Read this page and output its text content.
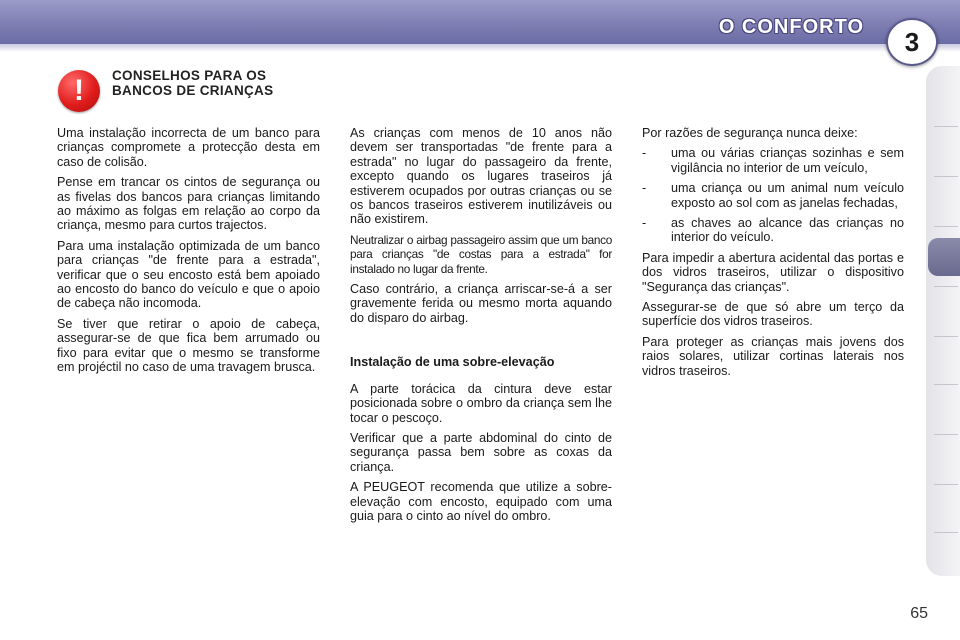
O CONFORTO	3
!	CONSELHOS PARA OS
BANCOS DE CRIANÇAS

Uma instalação incorrecta de um banco para crianças compromete a protecção desta em caso de colisão.

Pense em trancar os cintos de segurança ou as fivelas dos bancos para crianças limitando ao máximo as folgas em relação ao corpo da criança, mesmo para curtos trajectos.

Para uma instalação optimizada de um banco para crianças "de frente para a estrada", verificar que o seu encosto está bem apoiado ao encosto do banco do veículo e que o apoio de cabeça não incomoda.

Se tiver que retirar o apoio de cabeça, assegurar-se de que fica bem arrumado ou fixo para evitar que o mesmo se transforme em projéctil no caso de uma travagem brusca.

As crianças com menos de 10 anos não devem ser transportadas "de frente para a estrada" no lugar do passageiro da frente, excepto quando os lugares traseiros já estiverem ocupados por outras crianças ou se os bancos traseiros estiverem inutilizáveis ou não existirem.

Neutralizar o airbag passageiro assim que um banco para crianças "de costas para a estrada" for instalado no lugar da frente.

Caso contrário, a criança arriscar-se-á a ser gravemente ferida ou mesmo morta aquando do disparo do airbag.

Instalação de uma sobre-elevação

A parte torácica da cintura deve estar posicionada sobre o ombro da criança sem lhe tocar o pescoço.

Verificar que a parte abdominal do cinto de segurança passa bem sobre as coxas da criança.

A PEUGEOT recomenda que utilize a sobre-elevação com encosto, equipado com uma guia para o cinto ao nível do ombro.

Por razões de segurança nunca deixe:

-	uma ou várias crianças sozinhas e sem vigilância no interior de um veículo,
-	uma criança ou um animal num veículo exposto ao sol com as janelas fechadas,
-	as chaves ao alcance das crianças no interior do veículo.

Para impedir a abertura acidental das portas e dos vidros traseiros, utilizar o dispositivo "Segurança das crianças".

Assegurar-se de que só abre um terço da superfície dos vidros traseiros.

Para proteger as crianças mais jovens dos raios solares, utilizar cortinas laterais nos vidros traseiros.

65
